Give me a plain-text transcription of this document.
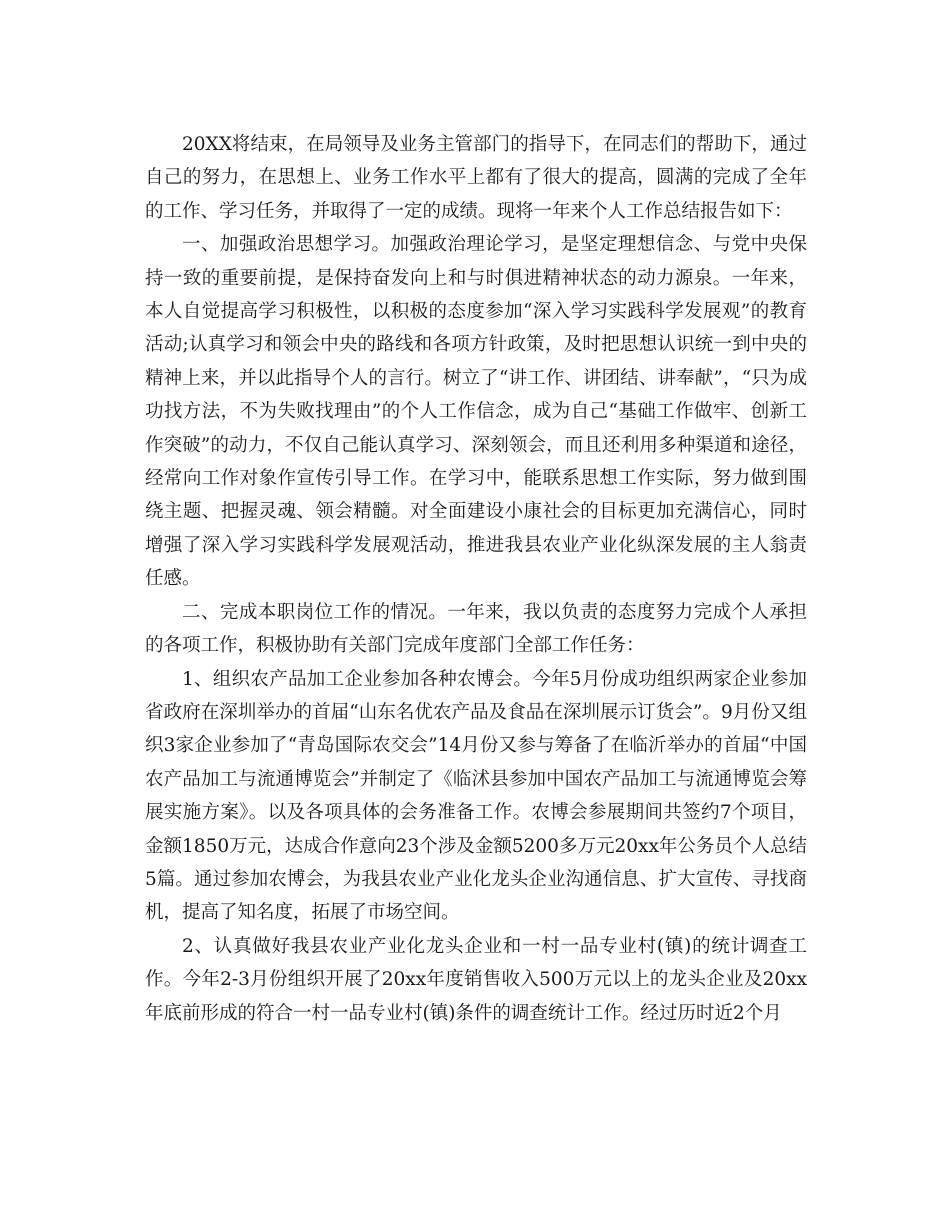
20XX将结束，在局领导及业务主管部门的指导下，在同志们的帮助下，通过自己的努力，在思想上、业务工作水平上都有了很大的提高，圆满的完成了全年的工作、学习任务，并取得了一定的成绩。现将一年来个人工作总结报告如下：

一、加强政治思想学习。加强政治理论学习，是坚定理想信念、与党中央保持一致的重要前提，是保持奋发向上和与时俱进精神状态的动力源泉。一年来，本人自觉提高学习积极性，以积极的态度参加“深入学习实践科学发展观”的教育活动;认真学习和领会中央的路线和各项方针政策，及时把思想认识统一到中央的精神上来，并以此指导个人的言行。树立了“讲工作、讲团结、讲奉献”，“只为成功找方法，不为失败找理由”的个人工作信念，成为自己“基础工作做牢、创新工作突破”的动力，不仅自己能认真学习、深刻领会，而且还利用多种渠道和途径，经常向工作对象作宣传引导工作。在学习中，能联系思想工作实际，努力做到围绕主题、把握灵魂、领会精髓。对全面建设小康社会的目标更加充满信心，同时增强了深入学习实践科学发展观活动，推进我县农业产业化纵深发展的主人翁责任感。

二、完成本职岗位工作的情况。一年来，我以负责的态度努力完成个人承担的各项工作，积极协助有关部门完成年度部门全部工作任务：

1、组织农产品加工企业参加各种农博会。今年5月份成功组织两家企业参加省政府在深圳举办的首届“山东名优农产品及食品在深圳展示订货会”。9月份又组织3家企业参加了“青岛国际农交会”14月份又参与筹备了在临沂举办的首届“中国农产品加工与流通博览会”并制定了《临沭县参加中国农产品加工与流通博览会筹展实施方案》。以及各项具体的会务准备工作。农博会参展期间共签约7个项目，金额1850万元，达成合作意向23个涉及金额5200多万元20xx年公务员个人总结5篇。通过参加农博会，为我县农业产业化龙头企业沟通信息、扩大宣传、寻找商机，提高了知名度，拓展了市场空间。

2、认真做好我县农业产业化龙头企业和一村一品专业村(镇)的统计调查工作。今年2-3月份组织开展了20xx年度销售收入500万元以上的龙头企业及20xx年底前形成的符合一村一品专业村(镇)条件的调查统计工作。经过历时近2个月
